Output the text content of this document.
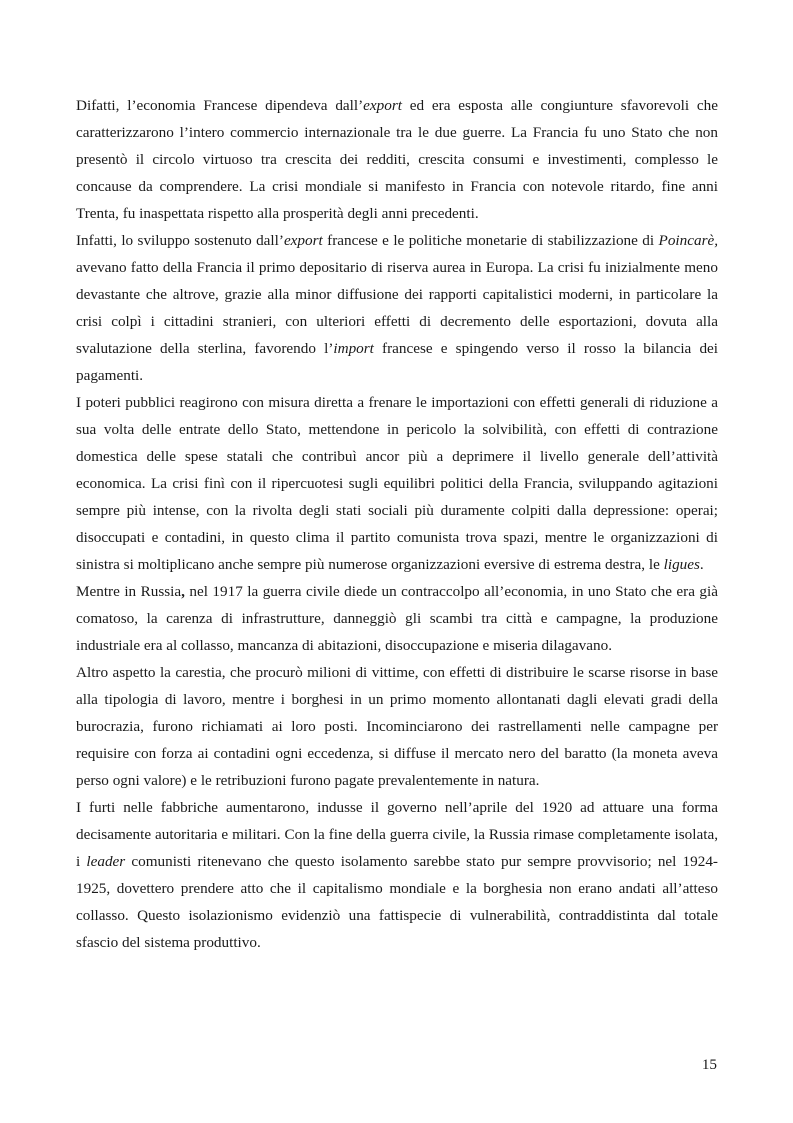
Difatti, l’economia Francese dipendeva dall’export ed era esposta alle congiunture sfavorevoli che caratterizzarono l’intero commercio internazionale tra le due guerre. La Francia fu uno Stato che non presentò il circolo virtuoso tra crescita dei redditi, crescita consumi e investimenti, complesso le concause da comprendere. La crisi mondiale si manifesto in Francia con notevole ritardo, fine anni Trenta, fu inaspettata rispetto alla prosperità degli anni precedenti.

Infatti, lo sviluppo sostenuto dall’export francese e le politiche monetarie di stabilizzazione di Poincarè, avevano fatto della Francia il primo depositario di riserva aurea in Europa. La crisi fu inizialmente meno devastante che altrove, grazie alla minor diffusione dei rapporti capitalistici moderni, in particolare la crisi colpì i cittadini stranieri, con ulteriori effetti di decremento delle esportazioni, dovuta alla svalutazione della sterlina, favorendo l’import francese e spingendo verso il rosso la bilancia dei pagamenti.

I poteri pubblici reagirono con misura diretta a frenare le importazioni con effetti generali di riduzione a sua volta delle entrate dello Stato, mettendone in pericolo la solvibilità, con effetti di contrazione domestica delle spese statali che contribuì ancor più a deprimere il livello generale dell’attività economica. La crisi finì con il ripercuotesi sugli equilibri politici della Francia, sviluppando agitazioni sempre più intense, con la rivolta degli stati sociali più duramente colpiti dalla depressione: operai; disoccupati e contadini, in questo clima il partito comunista trova spazi, mentre le organizzazioni di sinistra si moltiplicano anche sempre più numerose organizzazioni eversive di estrema destra, le ligues.

Mentre in Russia, nel 1917 la guerra civile diede un contraccolpo all’economia, in uno Stato che era già comatoso, la carenza di infrastrutture, danneggiò gli scambi tra città e campagne, la produzione industriale era al collasso, mancanza di abitazioni, disoccupazione e miseria dilagavano.

Altro aspetto la carestia, che procurò milioni di vittime, con effetti di distribuire le scarse risorse in base alla tipologia di lavoro, mentre i borghesi in un primo momento allontanati dagli elevati gradi della burocrazia, furono richiamati ai loro posti. Incominciarono dei rastrellamenti nelle campagne per requisire con forza ai contadini ogni eccedenza, si diffuse il mercato nero del baratto (la moneta aveva perso ogni valore) e le retribuzioni furono pagate prevalentemente in natura.

I furti nelle fabbriche aumentarono, indusse il governo nell’aprile del 1920 ad attuare una forma decisamente autoritaria e militari. Con la fine della guerra civile, la Russia rimase completamente isolata, i leader comunisti ritenevano che questo isolamento sarebbe stato pur sempre provvisorio; nel 1924-1925, dovettero prendere atto che il capitalismo mondiale e la borghesia non erano andati all’atteso collasso. Questo isolazionismo evidenziò una fattispecie di vulnerabilità, contraddistinta dal totale sfascio del sistema produttivo.

15
